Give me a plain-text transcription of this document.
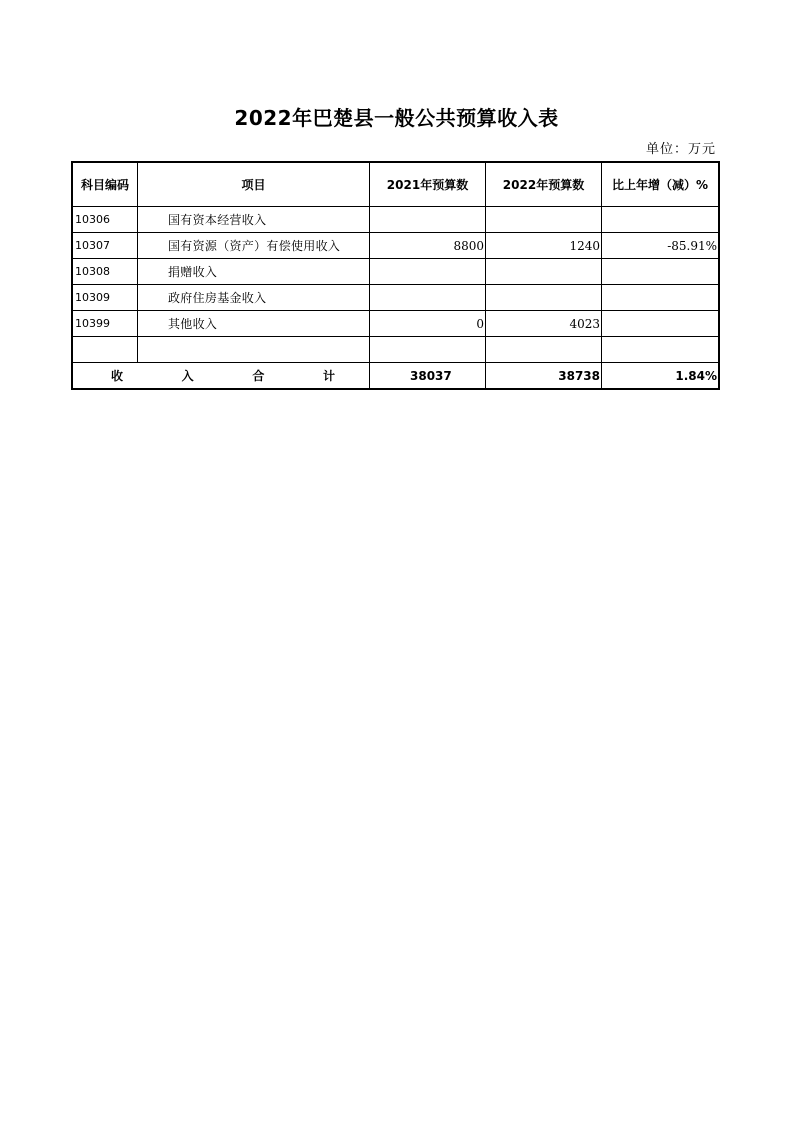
2022年巴楚县一般公共预算收入表
单位：万元
科目编码	项目	2021年预算数	2022年预算数	比上年增（减）%
10306	国有资本经营收入			
10307	国有资源（资产）有偿使用收入	8800	1240	-85.91%
10308	捐赠收入			
10309	政府住房基金收入			
10399	其他收入	0	4023	

收 入 合 计		38037	38738	1.84%
